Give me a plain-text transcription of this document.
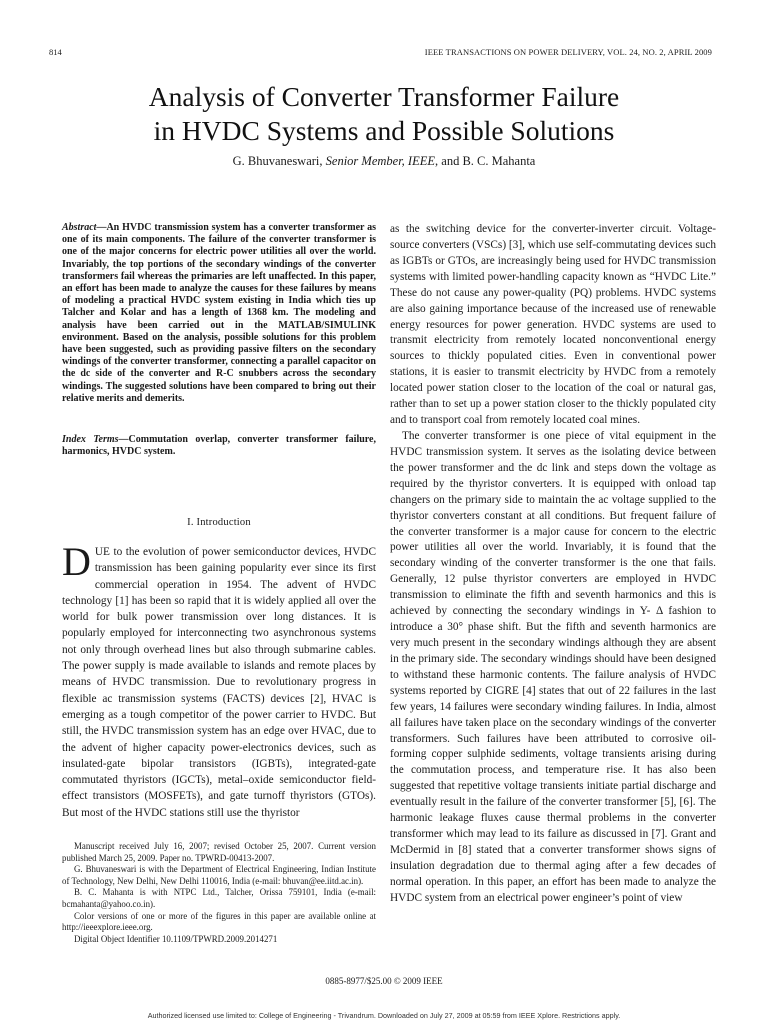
814	IEEE TRANSACTIONS ON POWER DELIVERY, VOL. 24, NO. 2, APRIL 2009
Analysis of Converter Transformer Failure
in HVDC Systems and Possible Solutions
G. Bhuvaneswari, Senior Member, IEEE, and B. C. Mahanta
Abstract—An HVDC transmission system has a converter transformer as one of its main components. The failure of the converter transformer is one of the major concerns for electric power utilities all over the world. Invariably, the top portions of the secondary windings of the converter transformers fail whereas the primaries are left unaffected. In this paper, an effort has been made to analyze the causes for these failures by means of modeling a practical HVDC system existing in India which ties up Talcher and Kolar and has a length of 1368 km. The modeling and analysis have been carried out in the MATLAB/SIMULINK environment. Based on the analysis, possible solutions for this problem have been suggested, such as providing passive filters on the secondary windings of the converter transformer, connecting a parallel capacitor on the dc side of the converter and R-C snubbers across the secondary windings. The suggested solutions have been compared to bring out their relative merits and demerits.
Index Terms—Commutation overlap, converter transformer failure, harmonics, HVDC system.
I. Introduction
DUE to the evolution of power semiconductor devices, HVDC transmission has been gaining popularity ever since its first commercial operation in 1954. The advent of HVDC technology [1] has been so rapid that it is widely applied all over the world for bulk power transmission over long distances. It is popularly employed for interconnecting two asynchronous systems not only through overhead lines but also through submarine cables. The power supply is made available to islands and remote places by means of HVDC transmission. Due to revolutionary progress in flexible ac transmission systems (FACTS) devices [2], HVAC is emerging as a tough competitor of the power carrier to HVDC. But still, the HVDC transmission system has an edge over HVAC, due to the advent of higher capacity power-electronics devices, such as insulated-gate bipolar transistors (IGBTs), integrated-gate commutated thyristors (IGCTs), metal–oxide semiconductor field-effect transistors (MOSFETs), and gate turnoff thyristors (GTOs). But most of the HVDC stations still use the thyristor

Manuscript received July 16, 2007; revised October 25, 2007. Current version published March 25, 2009. Paper no. TPWRD-00413-2007.

G. Bhuvaneswari is with the Department of Electrical Engineering, Indian Institute of Technology, New Delhi, New Delhi 110016, India (e-mail: bhuvan@ee.iitd.ac.in).

B. C. Mahanta is with NTPC Ltd., Talcher, Orissa 759101, India (e-mail: bcmahanta@yahoo.co.in).

Color versions of one or more of the figures in this paper are available online at http://ieeexplore.ieee.org.

Digital Object Identifier 10.1109/TPWRD.2009.2014271

as the switching device for the converter-inverter circuit. Voltage-source converters (VSCs) [3], which use self-commutating devices such as IGBTs or GTOs, are increasingly being used for HVDC transmission systems with limited power-handling capacity known as “HVDC Lite.” These do not cause any power-quality (PQ) problems. HVDC systems are also gaining importance because of the increased use of renewable energy resources for power generation. HVDC systems are used to transmit electricity from remotely located nonconventional energy sources to thickly populated cities. Even in conventional power stations, it is easier to transmit electricity by HVDC from a remotely located power station closer to the location of the coal or natural gas, rather than to set up a power station closer to the thickly populated city and to transport coal from remotely located coal mines.

The converter transformer is one piece of vital equipment in the HVDC transmission system. It serves as the isolating device between the power transformer and the dc link and steps down the voltage as required by the thyristor converters. It is equipped with onload tap changers on the primary side to maintain the ac voltage supplied to the thyristor converters constant at all conditions. But frequent failure of the converter transformer is a major cause for concern to the electric power utilities all over the world. Invariably, it is found that the secondary winding of the converter transformer is the one that fails. Generally, 12 pulse thyristor converters are employed in HVDC transmission to eliminate the fifth and seventh harmonics and this is achieved by connecting the secondary windings in Y- Δ fashion to introduce a 30° phase shift. But the fifth and seventh harmonics are very much present in the secondary windings although they are absent in the primary side. The secondary windings should have been designed to withstand these harmonic contents. The failure analysis of HVDC systems reported by CIGRE [4] states that out of 22 failures in the last few years, 14 failures were secondary winding failures. In India, almost all failures have taken place on the secondary windings of the converter transformers. Such failures have been attributed to corrosive oil-forming copper sulphide sediments, voltage transients arising during the commutation process, and temperature rise. It has also been suggested that repetitive voltage transients initiate partial discharge and eventually result in the failure of the converter transformer [5], [6]. The harmonic leakage fluxes cause thermal problems in the converter transformer which may lead to its failure as discussed in [7]. Grant and McDermid in [8] stated that a converter transformer shows signs of insulation degradation due to thermal aging after a few decades of normal operation. In this paper, an effort has been made to analyze the HVDC system from an electrical power engineer’s point of view

0885-8977/$25.00 © 2009 IEEE
Authorized licensed use limited to: College of Engineering - Trivandrum. Downloaded on July 27, 2009 at 05:59 from IEEE Xplore. Restrictions apply.
